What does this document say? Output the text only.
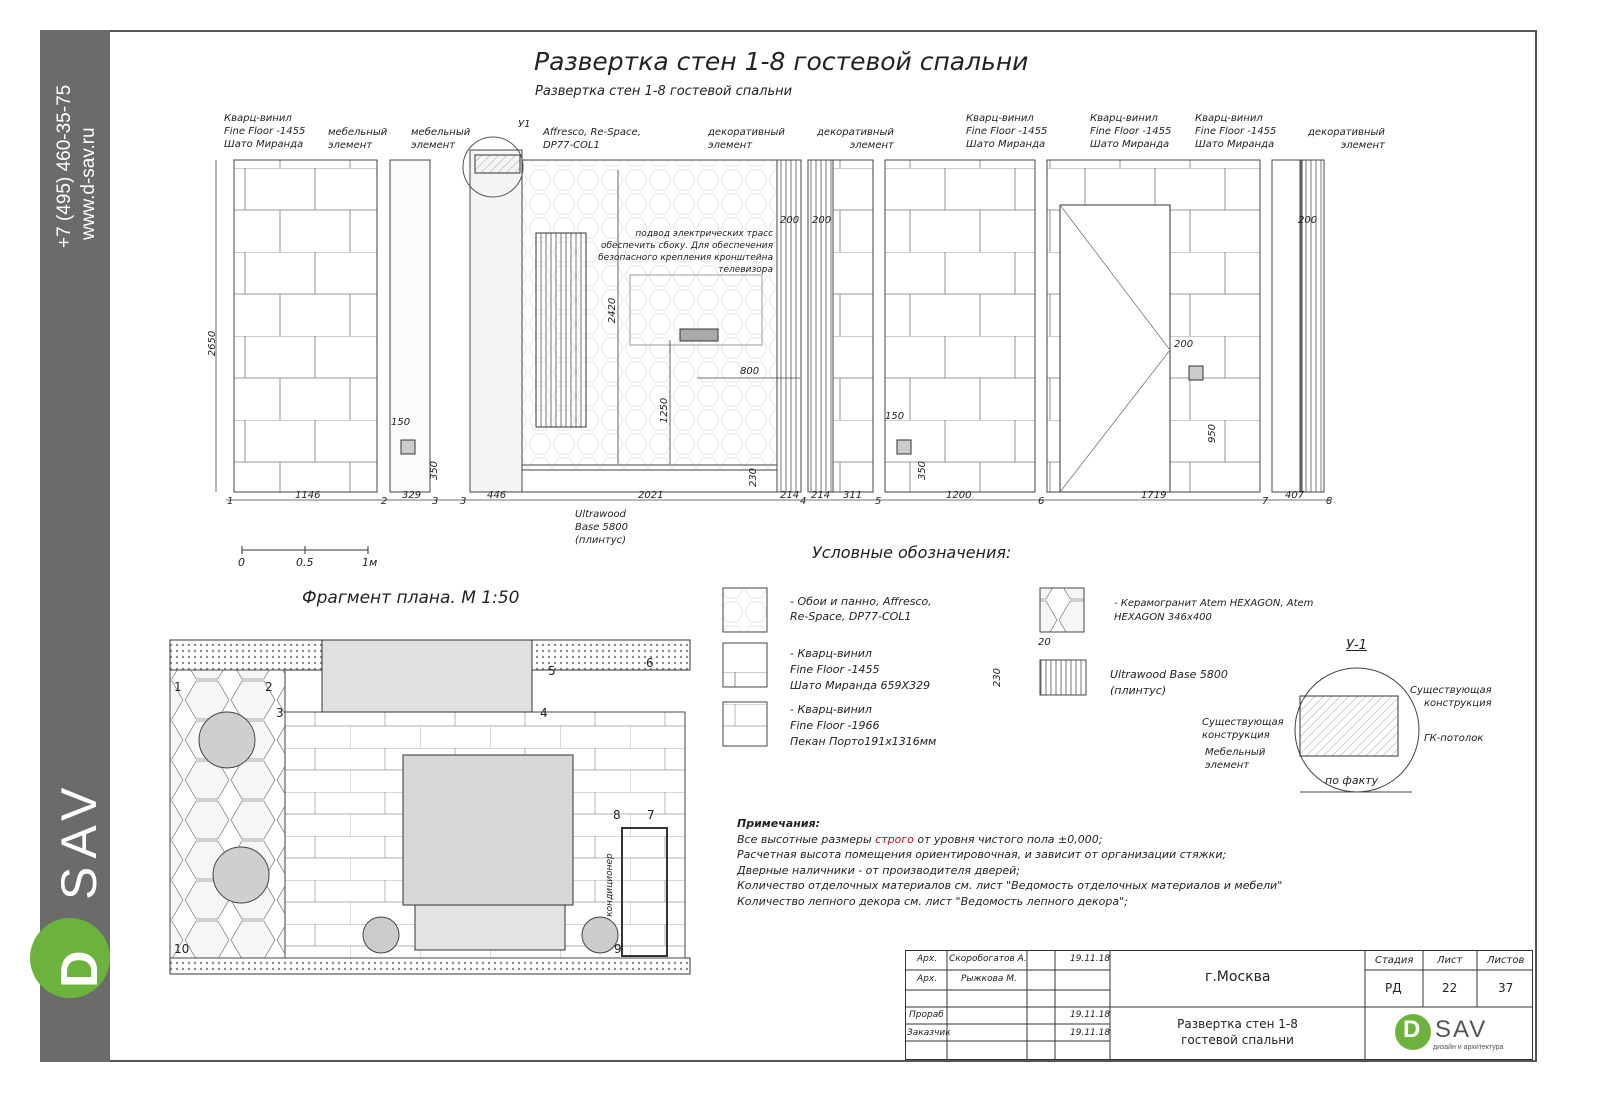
+7 (495) 460-35-75 www.d-sav.ru
SAV
D
Развертка стен 1-8 гостевой спальни
Развертка стен 1-8 гостевой спальни
Кварц-винил
Fine Floor -1455
Шато Миранда
мебельный
элемент
мебельный
элемент
У1
Affresco, Re-Space,
DP77-COL1
декоративный
элемент
декоративный
элемент
Кварц-винил
Fine Floor -1455
Шато Миранда
Кварц-винил
Fine Floor -1455
Шато Миранда
Кварц-винил
Fine Floor -1455
Шато Миранда
декоративный
элемент
подвод электрических трасс
обеспечить сбоку. Для обеспечения
безопасного крепления кронштейна
телевизора
Ultrawood
Base 5800
(плинтус)
2650
2420
1250
800
230
200 200
200
200
150
150
350	350
950
1146	329	446	2021	214 214 311	1200	1719	407
1	2	3 3	4	5	6	7	8
0	0.5	1м
Фрагмент плана. М 1:50
1	2
3	4
5
6
7
8
9
10
кондиционер
Условные обозначения:
- Обои и панно, Affresco,
Re-Space, DP77-COL1
- Кварц-винил
Fine Floor -1455
Шато Миранда 659Х329
- Кварц-винил
Fine Floor -1966
Пекан Порто191х1316мм
- Керамогранит Atem HEXAGON, Atem
HEXAGON 346x400
Ultrawood Base 5800
(плинтус)
20
230
У-1
Существующая
конструкция
Существующая
конструкция
Мебельный
элемент
ГК-потолок
по факту
Примечания:
Все высотные размеры строго от уровня чистого пола ±0,000;
Расчетная высота помещения ориентировочная, и зависит от организации стяжки;
Дверные наличники - от производителя дверей;
Количество отделочных материалов см. лист "Ведомость отделочных материалов и мебели"
Количество лепного декора см. лист "Ведомость лепного декора";
Арх. Скоробогатов А.	19.11.18
Арх.	Рыжкова М.
Прораб	19.11.18
Заказчик	19.11.18
г.Москва
Развертка стен 1-8
гостевой спальни
Стадия Лист Листов
РД	22	37
D SAV
дизайн и архитектура
